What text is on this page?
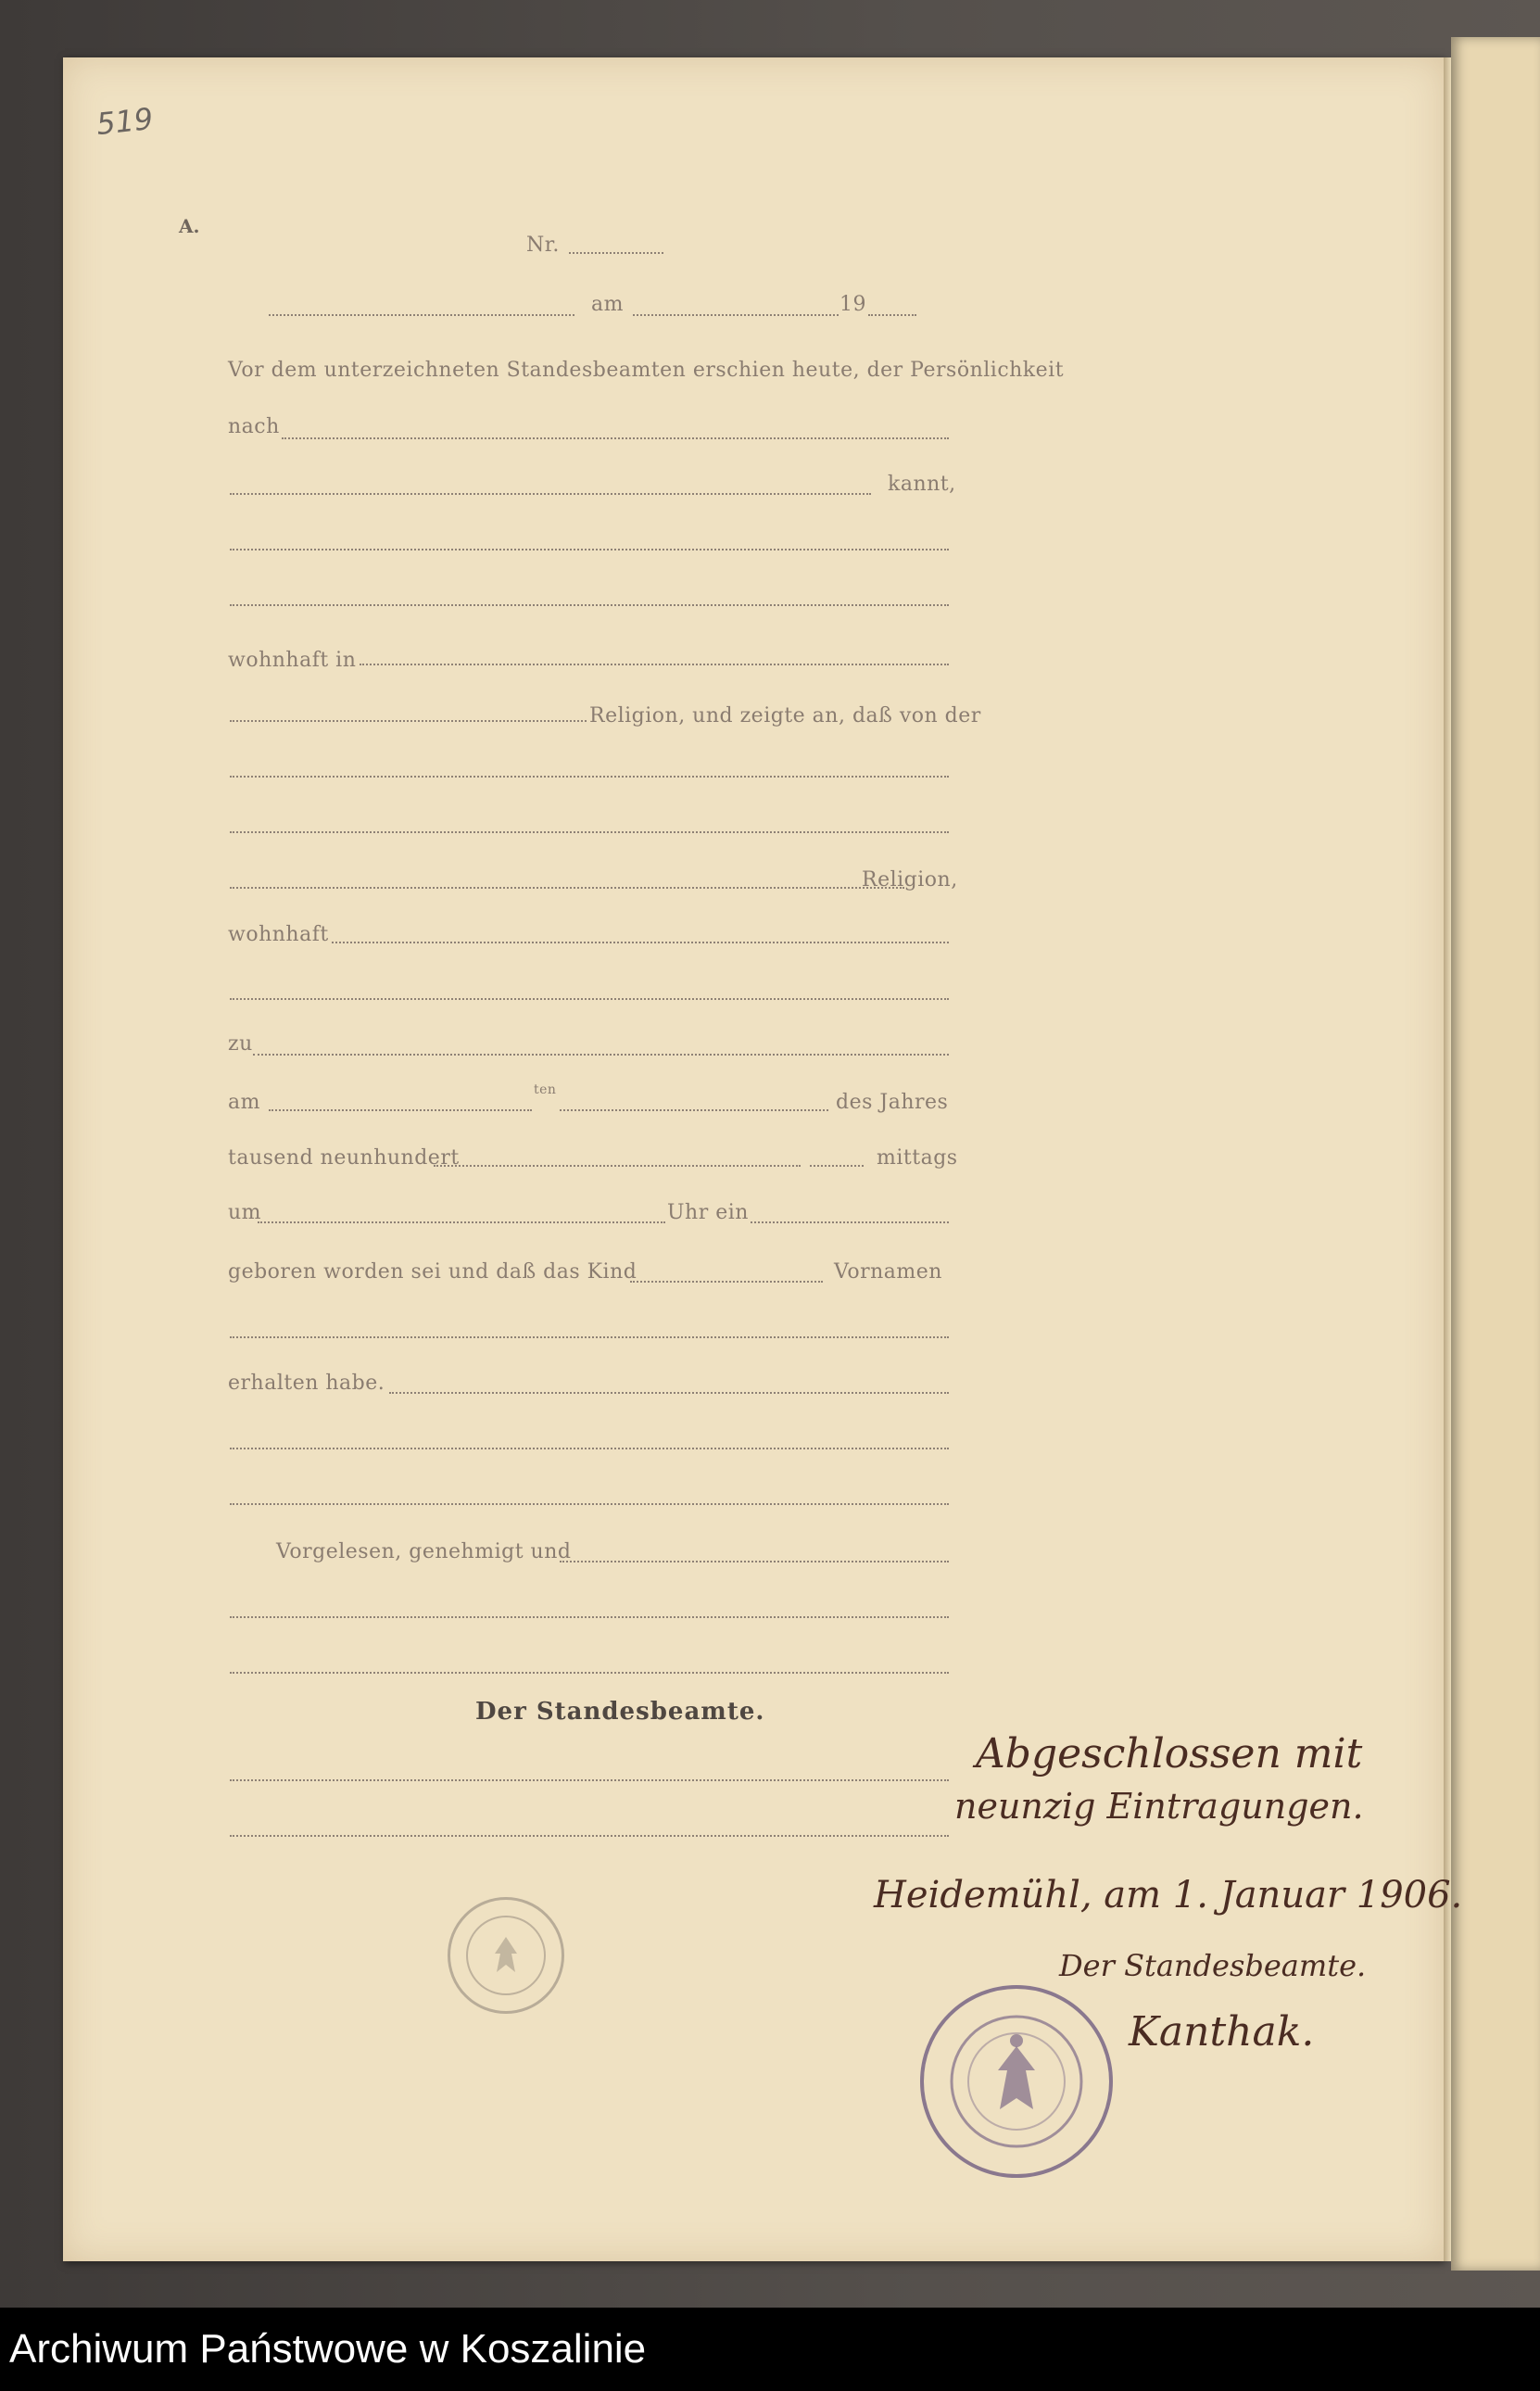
519
A.
Nr.
am	19
Vor dem unterzeichneten Standesbeamten erschien heute, der Persönlichkeit
nach
kannt,
wohnhaft in
Religion, und zeigte an, daß von der
Religion,
wohnhaft
zu
am
ten
des Jahres
tausend neunhundert	mittags
um	Uhr ein
geboren worden sei und daß das Kind	Vornamen
erhalten habe.
Vorgelesen, genehmigt und
Der Standesbeamte.
Abgeschlossen mit
neunzig Eintragungen.
Heidemühl, am 1. Januar 1906.
Der Standesbeamte.
Kanthak.
Archiwum Państwowe w Koszalinie
